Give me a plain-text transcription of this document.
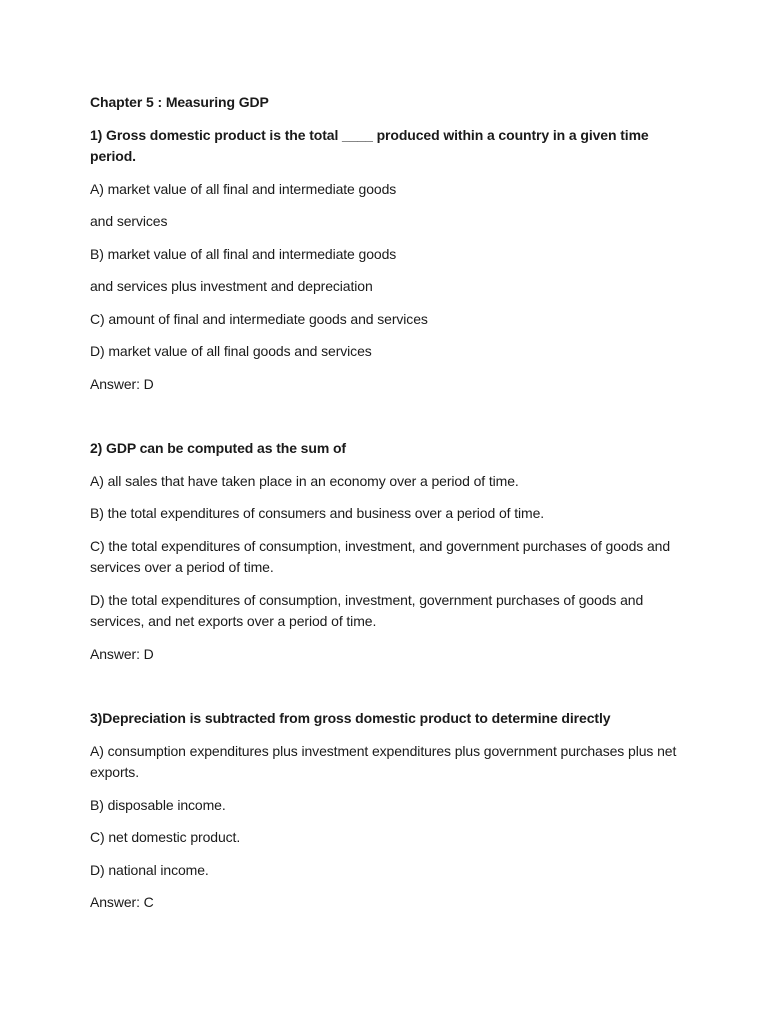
Chapter 5 : Measuring GDP

1) Gross domestic product is the total ____ produced within a country in a given time period.

A) market value of all final and intermediate goods

and services

B) market value of all final and intermediate goods

and services plus investment and depreciation

C) amount of final and intermediate goods and services

D) market value of all final goods and services

Answer: D

2) GDP can be computed as the sum of

A) all sales that have taken place in an economy over a period of time.

B) the total expenditures of consumers and business over a period of time.

C) the total expenditures of consumption, investment, and government purchases of goods and services over a period of time.

D) the total expenditures of consumption, investment, government purchases of goods and services, and net exports over a period of time.

Answer: D

3)Depreciation is subtracted from gross domestic product to determine directly

A) consumption expenditures plus investment expenditures plus government purchases plus net exports.

B) disposable income.

C) net domestic product.

D) national income.

Answer: C
